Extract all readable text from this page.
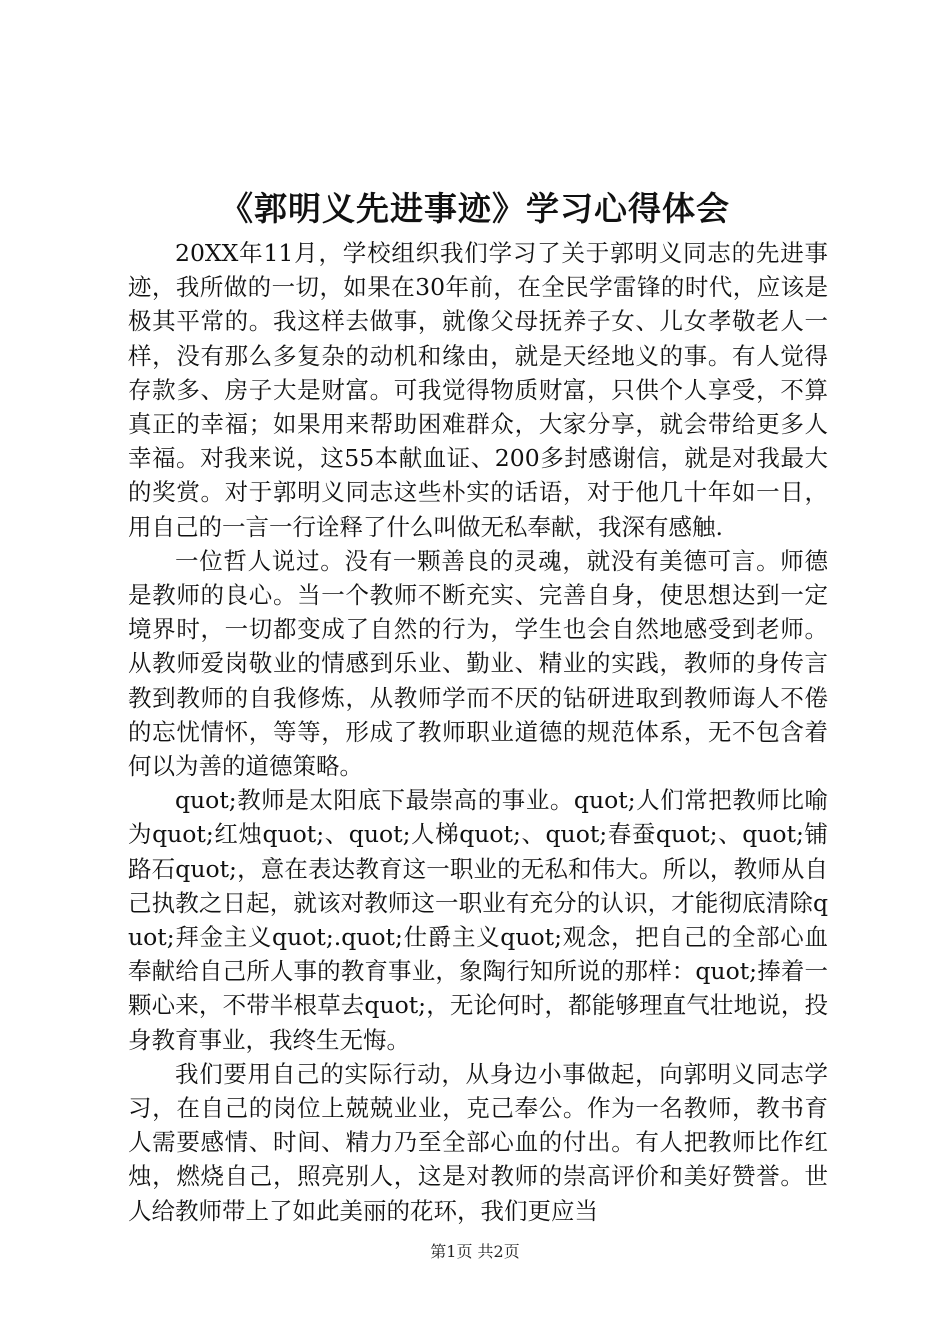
《郭明义先进事迹》学习心得体会

20XX年11月，学校组织我们学习了关于郭明义同志的先进事迹，我所做的一切，如果在30年前，在全民学雷锋的时代，应该是极其平常的。我这样去做事，就像父母抚养子女、儿女孝敬老人一样，没有那么多复杂的动机和缘由，就是天经地义的事。有人觉得存款多、房子大是财富。可我觉得物质财富，只供个人享受，不算真正的幸福；如果用来帮助困难群众，大家分享，就会带给更多人幸福。对我来说，这55本献血证、200多封感谢信，就是对我最大的奖赏。对于郭明义同志这些朴实的话语，对于他几十年如一日，用自己的一言一行诠释了什么叫做无私奉献，我深有感触.

一位哲人说过。没有一颗善良的灵魂，就没有美德可言。师德是教师的良心。当一个教师不断充实、完善自身，使思想达到一定境界时，一切都变成了自然的行为，学生也会自然地感受到老师。从教师爱岗敬业的情感到乐业、勤业、精业的实践，教师的身传言教到教师的自我修炼，从教师学而不厌的钻研进取到教师诲人不倦的忘忧情怀，等等，形成了教师职业道德的规范体系，无不包含着何以为善的道德策略。

quot;教师是太阳底下最崇高的事业。quot;人们常把教师比喻为quot;红烛quot;、quot;人梯quot;、quot;春蚕quot;、quot;铺路石quot;，意在表达教育这一职业的无私和伟大。所以，教师从自己执教之日起，就该对教师这一职业有充分的认识，才能彻底清除quot;拜金主义quot;.quot;仕爵主义quot;观念，把自己的全部心血奉献给自己所人事的教育事业，象陶行知所说的那样：quot;捧着一颗心来，不带半根草去quot;，无论何时，都能够理直气壮地说，投身教育事业，我终生无悔。

我们要用自己的实际行动，从身边小事做起，向郭明义同志学习，在自己的岗位上兢兢业业，克己奉公。作为一名教师，教书育人需要感情、时间、精力乃至全部心血的付出。有人把教师比作红烛，燃烧自己，照亮别人，这是对教师的崇高评价和美好赞誉。世人给教师带上了如此美丽的花环，我们更应当

第1页 共2页
